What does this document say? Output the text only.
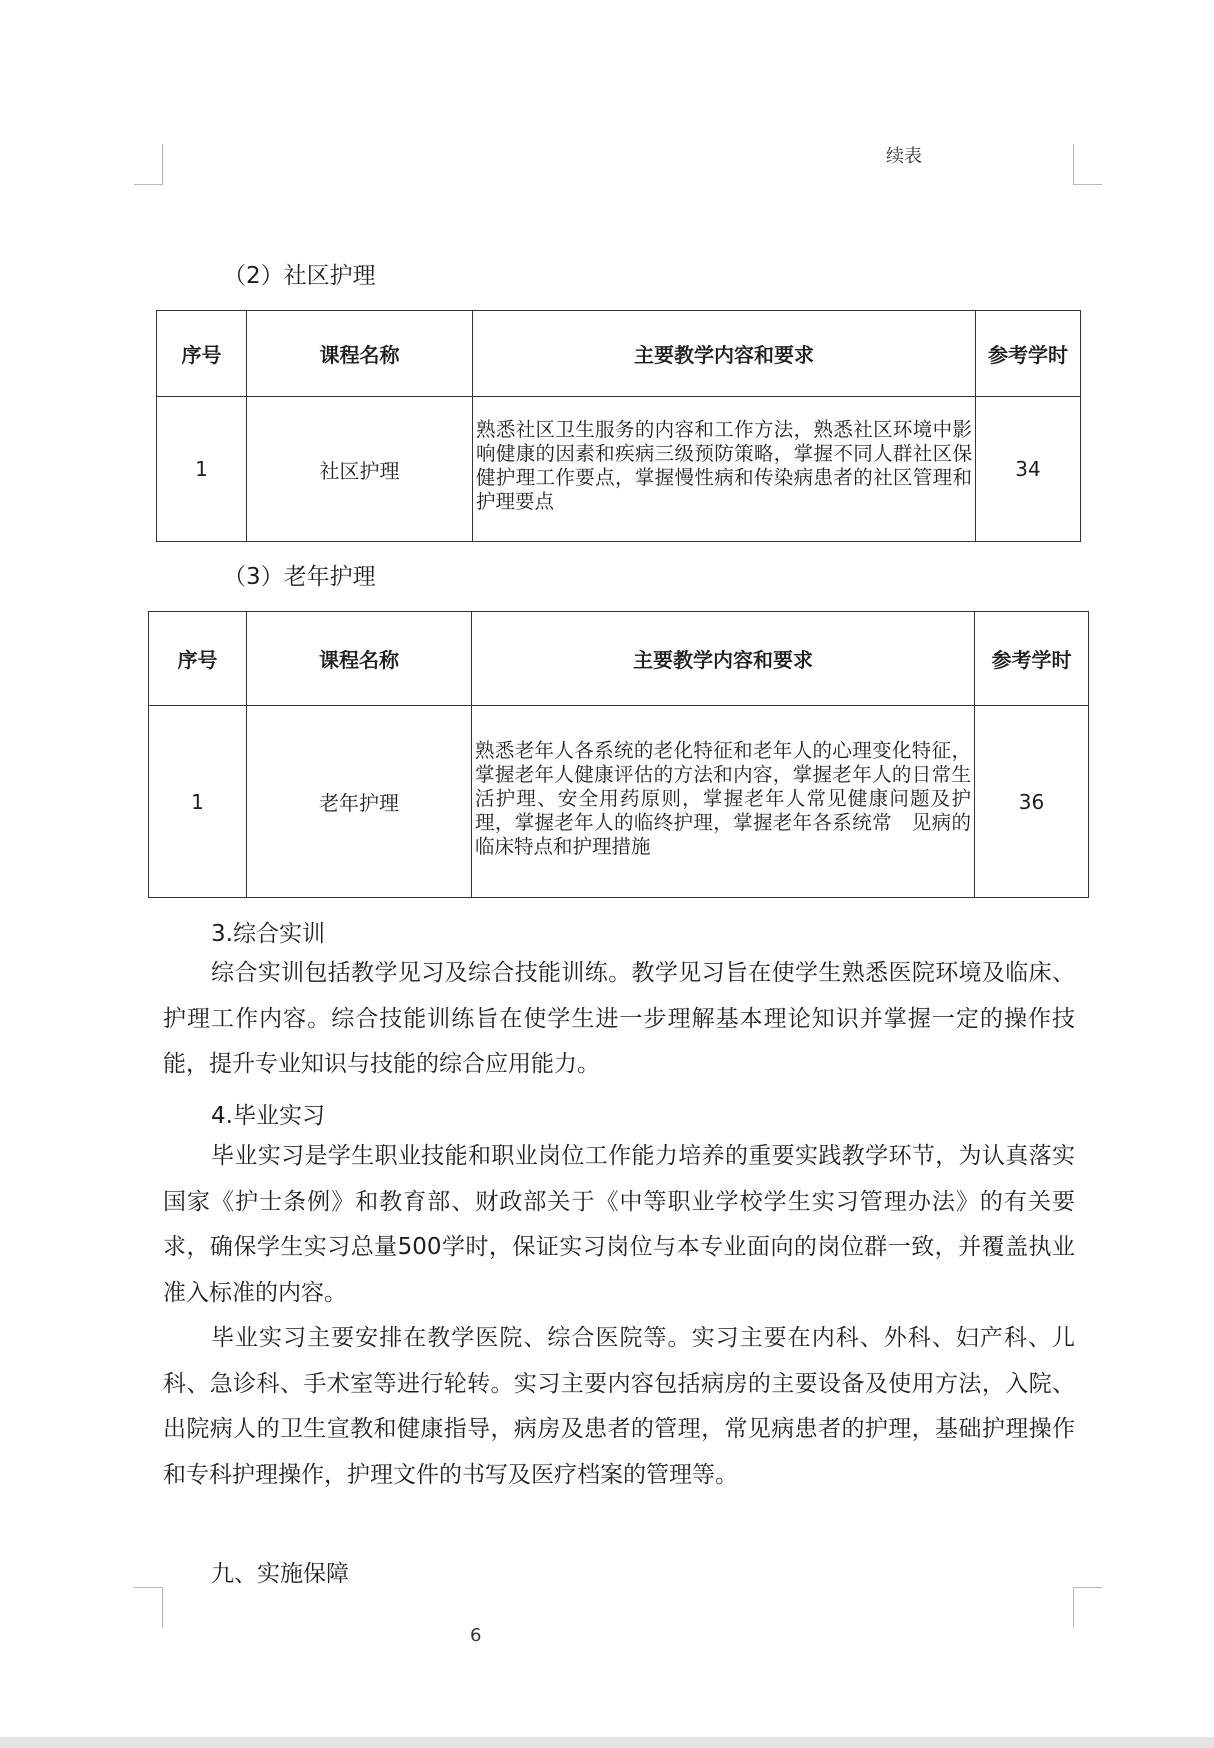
续表
（2）社区护理
序号	课程名称	主要教学内容和要求	参考学时
1	社区护理	熟悉社区卫生服务的内容和工作方法，熟悉社区环境中影响健康的因素和疾病三级预防策略，掌握不同人群社区保健护理工作要点，掌握慢性病和传染病患者的社区管理和护理要点	34
（3）老年护理
序号	课程名称	主要教学内容和要求	参考学时
1	老年护理	熟悉老年人各系统的老化特征和老年人的心理变化特征，掌握老年人健康评估的方法和内容，掌握老年人的日常生活护理、安全用药原则，掌握老年人常见健康问题及护理，掌握老年人的临终护理，掌握老年各系统常　见病的临床特点和护理措施	36
3.综合实训
综合实训包括教学见习及综合技能训练。教学见习旨在使学生熟悉医院环境及临床、护理工作内容。综合技能训练旨在使学生进一步理解基本理论知识并掌握一定的操作技能，提升专业知识与技能的综合应用能力。
4.毕业实习
毕业实习是学生职业技能和职业岗位工作能力培养的重要实践教学环节，为认真落实国家《护士条例》和教育部、财政部关于《中等职业学校学生实习管理办法》的有关要求，确保学生实习总量500学时，保证实习岗位与本专业面向的岗位群一致，并覆盖执业准入标准的内容。
毕业实习主要安排在教学医院、综合医院等。实习主要在内科、外科、妇产科、儿科、急诊科、手术室等进行轮转。实习主要内容包括病房的主要设备及使用方法，入院、出院病人的卫生宣教和健康指导，病房及患者的管理，常见病患者的护理，基础护理操作和专科护理操作，护理文件的书写及医疗档案的管理等。
九、实施保障
6
